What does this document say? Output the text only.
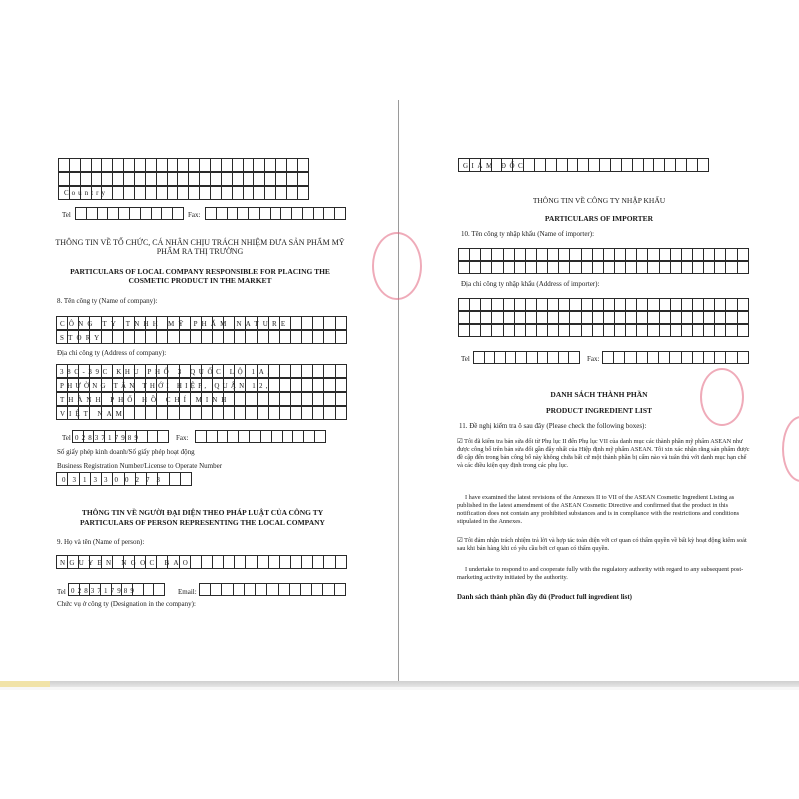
Country
Tel	Fax:
THÔNG TIN VỀ TỔ CHỨC, CÁ NHÂN CHỊU TRÁCH NHIỆM ĐƯA SẢN PHẨM MỸ PHẨM RA THỊ TRƯỜNG
PARTICULARS OF LOCAL COMPANY RESPONSIBLE FOR PLACING THE COSMETIC PRODUCT IN THE MARKET
8. Tên công ty (Name of company):
CÔNG TY TNHH MỸ PHẨM NATURE
STORY
Địa chỉ công ty (Address of company):
38C-39C KHU PHỐ 3 QUỐC LỘ 1A,
PHƯỜNG TÂN THỚI HIỆP, QUẬN 12,
THÀNH PHỐ HỒ CHÍ MINH
VIỆT NAM
Tel 0283717989	Fax:
Số giấy phép kinh doanh/Số giấy phép hoạt động
Business Registration Number/License to Operate Number
0313300273
THÔNG TIN VỀ NGƯỜI ĐẠI DIỆN THEO PHÁP LUẬT CỦA CÔNG TY
PARTICULARS OF PERSON REPRESENTING THE LOCAL COMPANY
9. Họ và tên (Name of person):
NGUYEN NGOC BAO
Tel 0283717989	Email:
Chức vụ ở công ty (Designation in the company):
GIÁM ĐỐC
THÔNG TIN VỀ CÔNG TY NHẬP KHẨU
PARTICULARS OF IMPORTER
10. Tên công ty nhập khẩu (Name of importer):
Địa chỉ công ty nhập khẩu (Address of importer):
Tel	Fax:
DANH SÁCH THÀNH PHẦN
PRODUCT INGREDIENT LIST
11. Đề nghị kiểm tra ô sau đây (Please check the following boxes):
☑ Tôi đã kiểm tra bản sửa đổi từ Phụ lục II đến Phụ lục VII của danh mục các thành phần mỹ phẩm ASEAN như được công bố trên bản sửa đổi gần đây nhất của Hiệp định mỹ phẩm ASEAN. Tôi xin xác nhận rằng sản phẩm được đề cập đến trong bản công bố này không chứa bất cứ một thành phần bị cấm nào và tuân thủ với danh mục hạn chế và các điều kiện quy định trong các phụ lục.
I have examined the latest revisions of the Annexes II to VII of the ASEAN Cosmetic Ingredient Listing as published in the latest amendment of the ASEAN Cosmetic Directive and confirmed that the product in this notification does not contain any prohibited substances and is in compliance with the restrictions and conditions stipulated in the Annexes.
☑ Tôi đảm nhận trách nhiệm trả lời và hợp tác toàn diện với cơ quan có thẩm quyền về bất kỳ hoạt động kiểm soát sau khi bán hàng khi có yêu cầu bởi cơ quan có thẩm quyền.
I undertake to respond to and cooperate fully with the regulatory authority with regard to any subsequent post-marketing activity initiated by the authority.
Danh sách thành phần đầy đủ (Product full ingredient list)
